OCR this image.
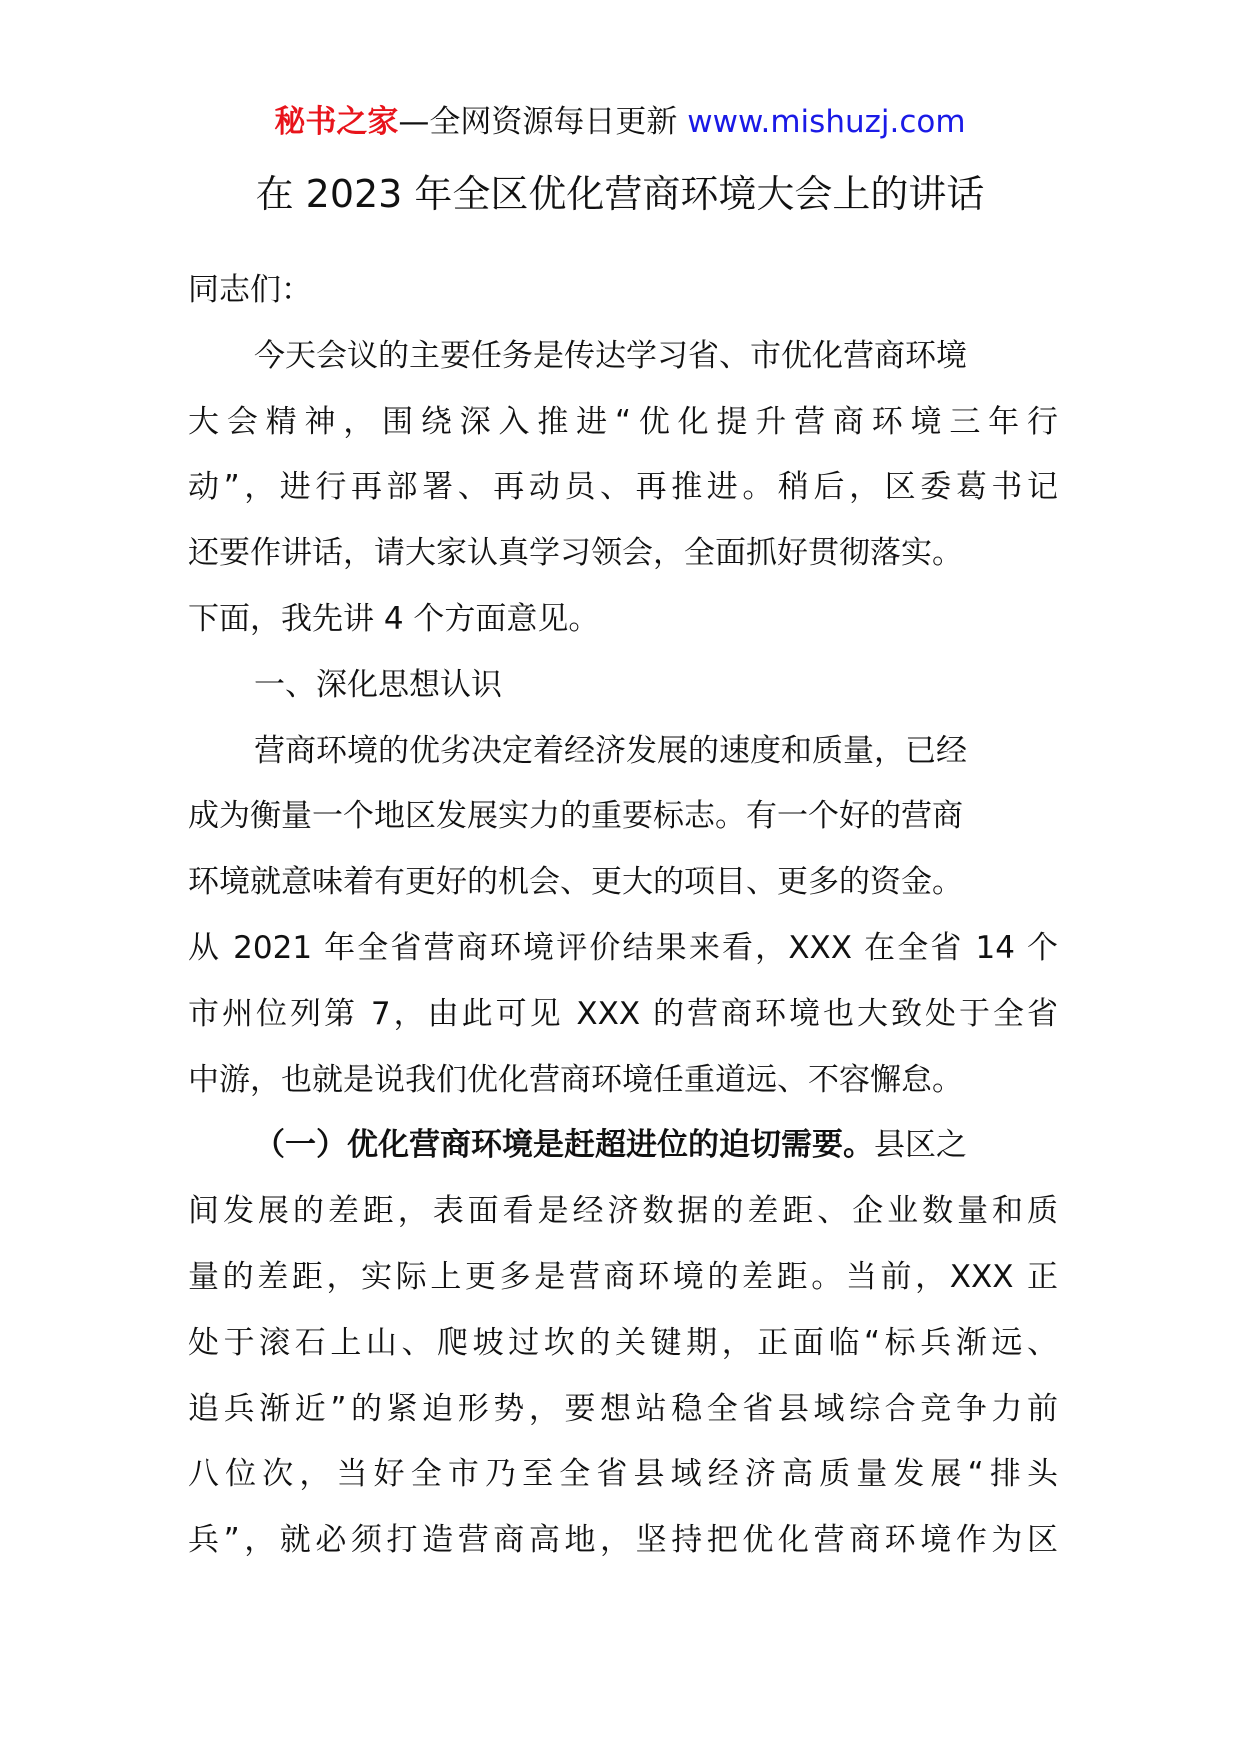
秘书之家—全网资源每日更新 www.mishuzj.com
在 2023 年全区优化营商环境大会上的讲话
同志们：
今天会议的主要任务是传达学习省、市优化营商环境
大会精神，围绕深入推进“优化提升营商环境三年行
动”，进行再部署、再动员、再推进。稍后，区委葛书记
还要作讲话，请大家认真学习领会，全面抓好贯彻落实。
下面，我先讲 4 个方面意见。
一、深化思想认识
营商环境的优劣决定着经济发展的速度和质量，已经
成为衡量一个地区发展实力的重要标志。有一个好的营商
环境就意味着有更好的机会、更大的项目、更多的资金。
从 2021 年全省营商环境评价结果来看，XXX 在全省 14 个
市州位列第 7，由此可见 XXX 的营商环境也大致处于全省
中游，也就是说我们优化营商环境任重道远、不容懈怠。
（一）优化营商环境是赶超进位的迫切需要。县区之
间发展的差距，表面看是经济数据的差距、企业数量和质
量的差距，实际上更多是营商环境的差距。当前，XXX 正
处于滚石上山、爬坡过坎的关键期，正面临“标兵渐远、
追兵渐近”的紧迫形势，要想站稳全省县域综合竞争力前
八位次，当好全市乃至全省县域经济高质量发展“排头
兵”，就必须打造营商高地，坚持把优化营商环境作为区
